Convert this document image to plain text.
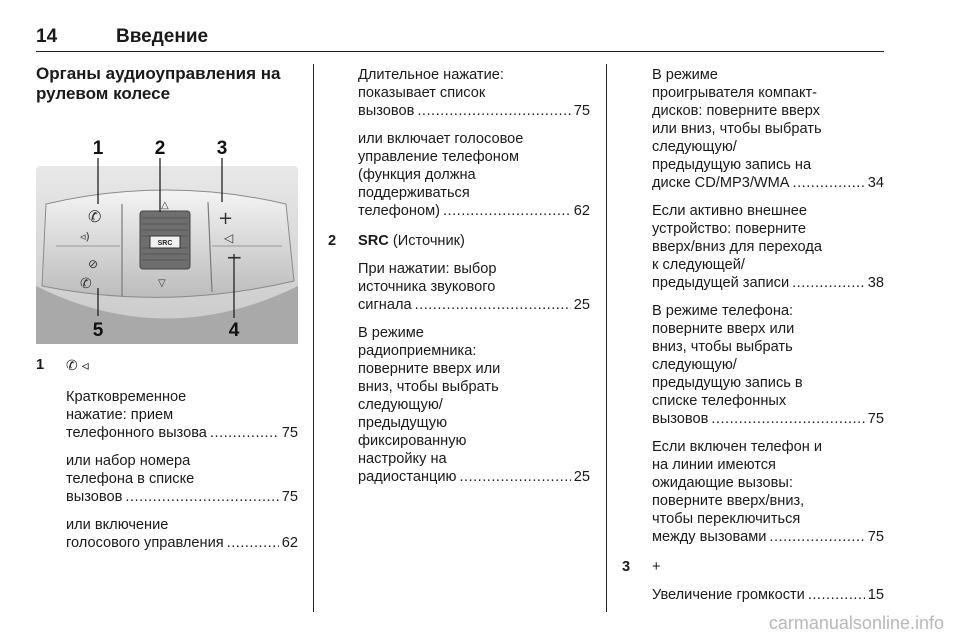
14	Введение
Органы аудиоуправления на
рулевом колесе
SRC
△
▽
✆
◃)
⊘
✆
+
◁
−
1	2	3
4
5
1	✆ ◃
Кратковременное
нажатие: прием
телефонного вызова .....	75
или набор номера
телефона в списке
вызовов .....	75
или включение
голосового управления .....	62
Длительное нажатие:
показывает список
вызовов .....	75
или включает голосовое
управление телефоном
(функция должна
поддерживаться
телефоном) .....	62
2	SRC (Источник)
При нажатии: выбор
источника звукового
сигнала .....	25
В режиме
радиоприемника:
поверните вверх или
вниз, чтобы выбрать
следующую/
предыдущую
фиксированную
настройку на
радиостанцию .....	25
В режиме
проигрывателя компакт-
дисков: поверните вверх
или вниз, чтобы выбрать
следующую/
предыдущую запись на
диске CD/MP3/WMA .....	34
Если активно внешнее
устройство: поверните
вверх/вниз для перехода
к следующей/
предыдущей записи .....	38
В режиме телефона:
поверните вверх или
вниз, чтобы выбрать
следующую/
предыдущую запись в
списке телефонных
вызовов .....	75
Если включен телефон и
на линии имеются
ожидающие вызовы:
поверните вверх/вниз,
чтобы переключиться
между вызовами .....	75
3	+
Увеличение громкости .....	15
carmanualsonline.info
